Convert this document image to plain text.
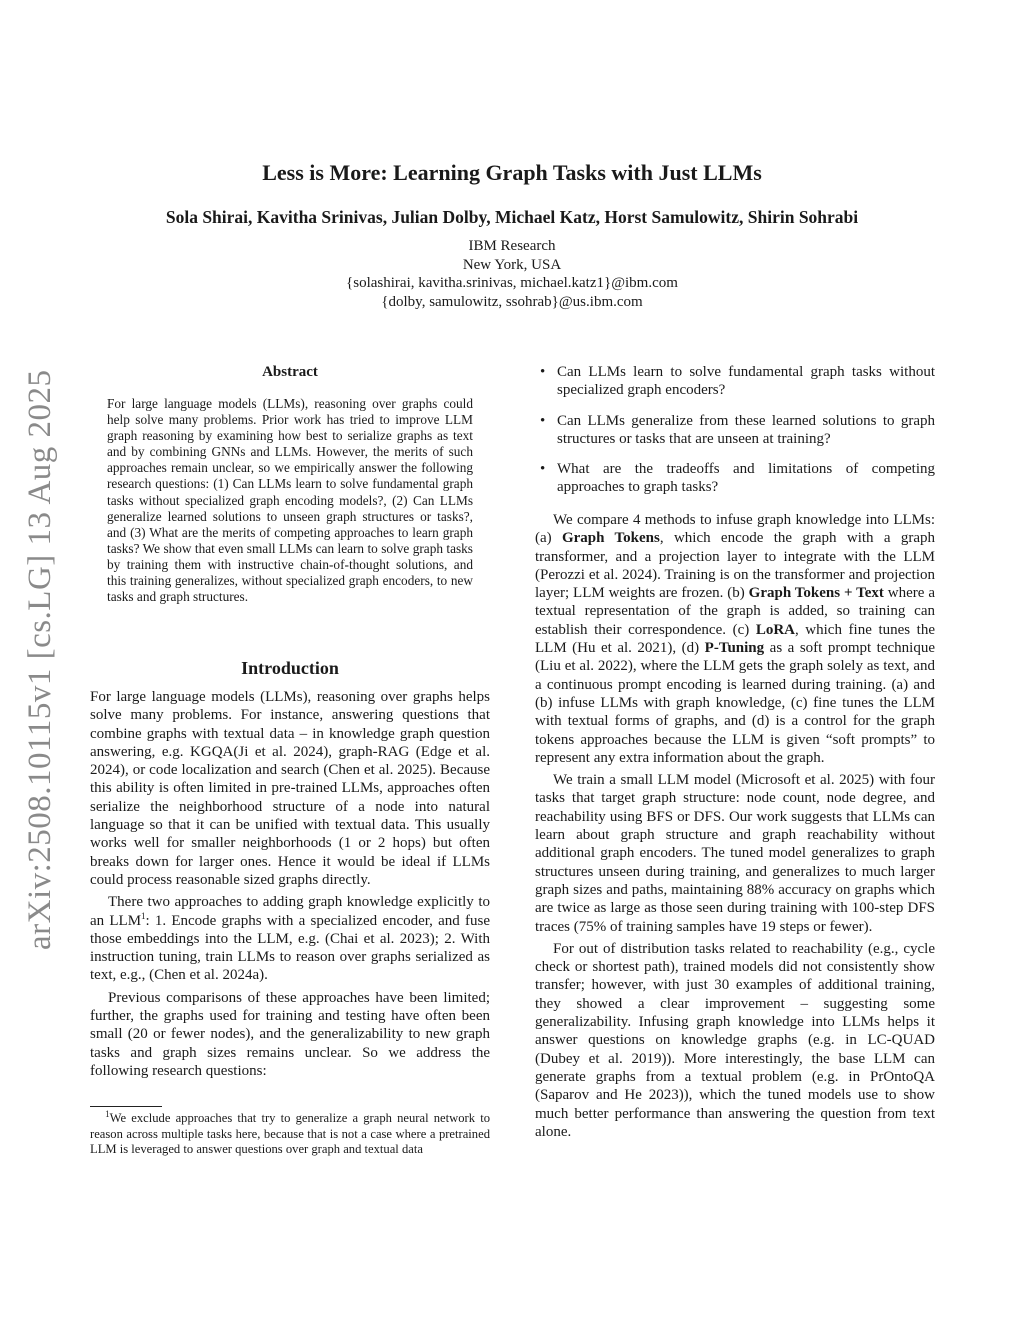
arXiv:2508.10115v1 [cs.LG] 13 Aug 2025
Less is More: Learning Graph Tasks with Just LLMs
Sola Shirai, Kavitha Srinivas, Julian Dolby, Michael Katz, Horst Samulowitz, Shirin Sohrabi
IBM Research
New York, USA
{solashirai, kavitha.srinivas, michael.katz1}@ibm.com
{dolby, samulowitz, ssohrab}@us.ibm.com
Abstract
For large language models (LLMs), reasoning over graphs could help solve many problems. Prior work has tried to improve LLM graph reasoning by examining how best to serialize graphs as text and by combining GNNs and LLMs. However, the merits of such approaches remain unclear, so we empirically answer the following research questions: (1) Can LLMs learn to solve fundamental graph tasks without specialized graph encoding models?, (2) Can LLMs generalize learned solutions to unseen graph structures or tasks?, and (3) What are the merits of competing approaches to learn graph tasks? We show that even small LLMs can learn to solve graph tasks by training them with instructive chain-of-thought solutions, and this training generalizes, without specialized graph encoders, to new tasks and graph structures.
Introduction

For large language models (LLMs), reasoning over graphs helps solve many problems. For instance, answering questions that combine graphs with textual data – in knowledge graph question answering, e.g. KGQA(Ji et al. 2024), graph-RAG (Edge et al. 2024), or code localization and search (Chen et al. 2025). Because this ability is often limited in pre-trained LLMs, approaches often serialize the neighborhood structure of a node into natural language so that it can be unified with textual data. This usually works well for smaller neighborhoods (1 or 2 hops) but often breaks down for larger ones. Hence it would be ideal if LLMs could process reasonable sized graphs directly.

There two approaches to adding graph knowledge explicitly to an LLM$^1$: 1. Encode graphs with a specialized encoder, and fuse those embeddings into the LLM, e.g. (Chai et al. 2023); 2. With instruction tuning, train LLMs to reason over graphs serialized as text, e.g., (Chen et al. 2024a).

Previous comparisons of these approaches have been limited; further, the graphs used for training and testing have often been small (20 or fewer nodes), and the generalizability to new graph tasks and graph sizes remains unclear. So we address the following research questions:

$^1$We exclude approaches that try to generalize a graph neural network to reason across multiple tasks here, because that is not a case where a pretrained LLM is leveraged to answer questions over graph and textual data
• Can LLMs learn to solve fundamental graph tasks without specialized graph encoders?
• Can LLMs generalize from these learned solutions to graph structures or tasks that are unseen at training?
• What are the tradeoffs and limitations of competing approaches to graph tasks?

We compare 4 methods to infuse graph knowledge into LLMs: (a) Graph Tokens, which encode the graph with a graph transformer, and a projection layer to integrate with the LLM (Perozzi et al. 2024). Training is on the transformer and projection layer; LLM weights are frozen. (b) Graph Tokens + Text where a textual representation of the graph is added, so training can establish their correspondence. (c) LoRA, which fine tunes the LLM (Hu et al. 2021), (d) P-Tuning as a soft prompt technique (Liu et al. 2022), where the LLM gets the graph solely as text, and a continuous prompt encoding is learned during training. (a) and (b) infuse LLMs with graph knowledge, (c) fine tunes the LLM with textual forms of graphs, and (d) is a control for the graph tokens approaches because the LLM is given “soft prompts” to represent any extra information about the graph.

We train a small LLM model (Microsoft et al. 2025) with four tasks that target graph structure: node count, node degree, and reachability using BFS or DFS. Our work suggests that LLMs can learn about graph structure and graph reachability without additional graph encoders. The tuned model generalizes to graph structures unseen during training, and generalizes to much larger graph sizes and paths, maintaining 88% accuracy on graphs which are twice as large as those seen during training with 100-step DFS traces (75% of training samples have 19 steps or fewer).

For out of distribution tasks related to reachability (e.g., cycle check or shortest path), trained models did not consistently show transfer; however, with just 30 examples of additional training, they showed a clear improvement – suggesting some generalizability. Infusing graph knowledge into LLMs helps it answer questions on knowledge graphs (e.g. in LC-QUAD (Dubey et al. 2019)). More interestingly, the base LLM can generate graphs from a textual problem (e.g. in PrOntoQA (Saparov and He 2023)), which the tuned models use to show much better performance than answering the question from text alone.
